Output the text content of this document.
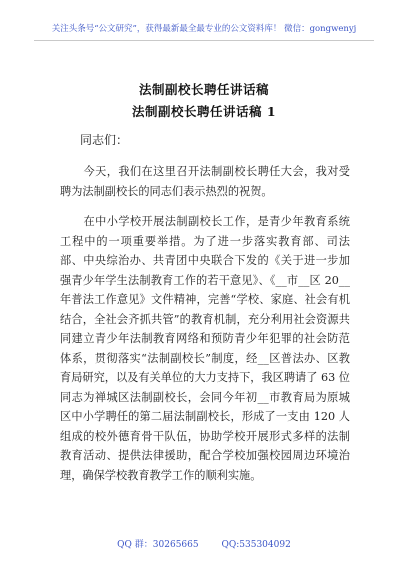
关注头条号“公文研究”，获得最新最全最专业的公文资料库！ 微信：gongwenyj
法制副校长聘任讲话稿
法制副校长聘任讲话稿 1
同志们：

今天，我们在这里召开法制副校长聘任大会，我对受聘为法制副校长的同志们表示热烈的祝贺。

在中小学校开展法制副校长工作，是青少年教育系统工程中的一项重要举措。为了进一步落实教育部、司法部、中央综治办、共青团中央联合下发的《关于进一步加强青少年学生法制教育工作的若干意见》、《__市__区 20__年普法工作意见》文件精神，完善“学校、家庭、社会有机结合，全社会齐抓共管”的教育机制，充分利用社会资源共同建立青少年法制教育网络和预防青少年犯罪的社会防范体系，贯彻落实“法制副校长”制度，经__区普法办、区教育局研究，以及有关单位的大力支持下，我区聘请了 63 位同志为禅城区法制副校长，会同今年初__市教育局为原城区中小学聘任的第二届法制副校长，形成了一支由 120 人组成的校外德育骨干队伍，协助学校开展形式多样的法制教育活动、提供法律援助，配合学校加强校园周边环境治理，确保学校教育教学工作的顺利实施。

QQ 群：30265665	QQ:535304092
